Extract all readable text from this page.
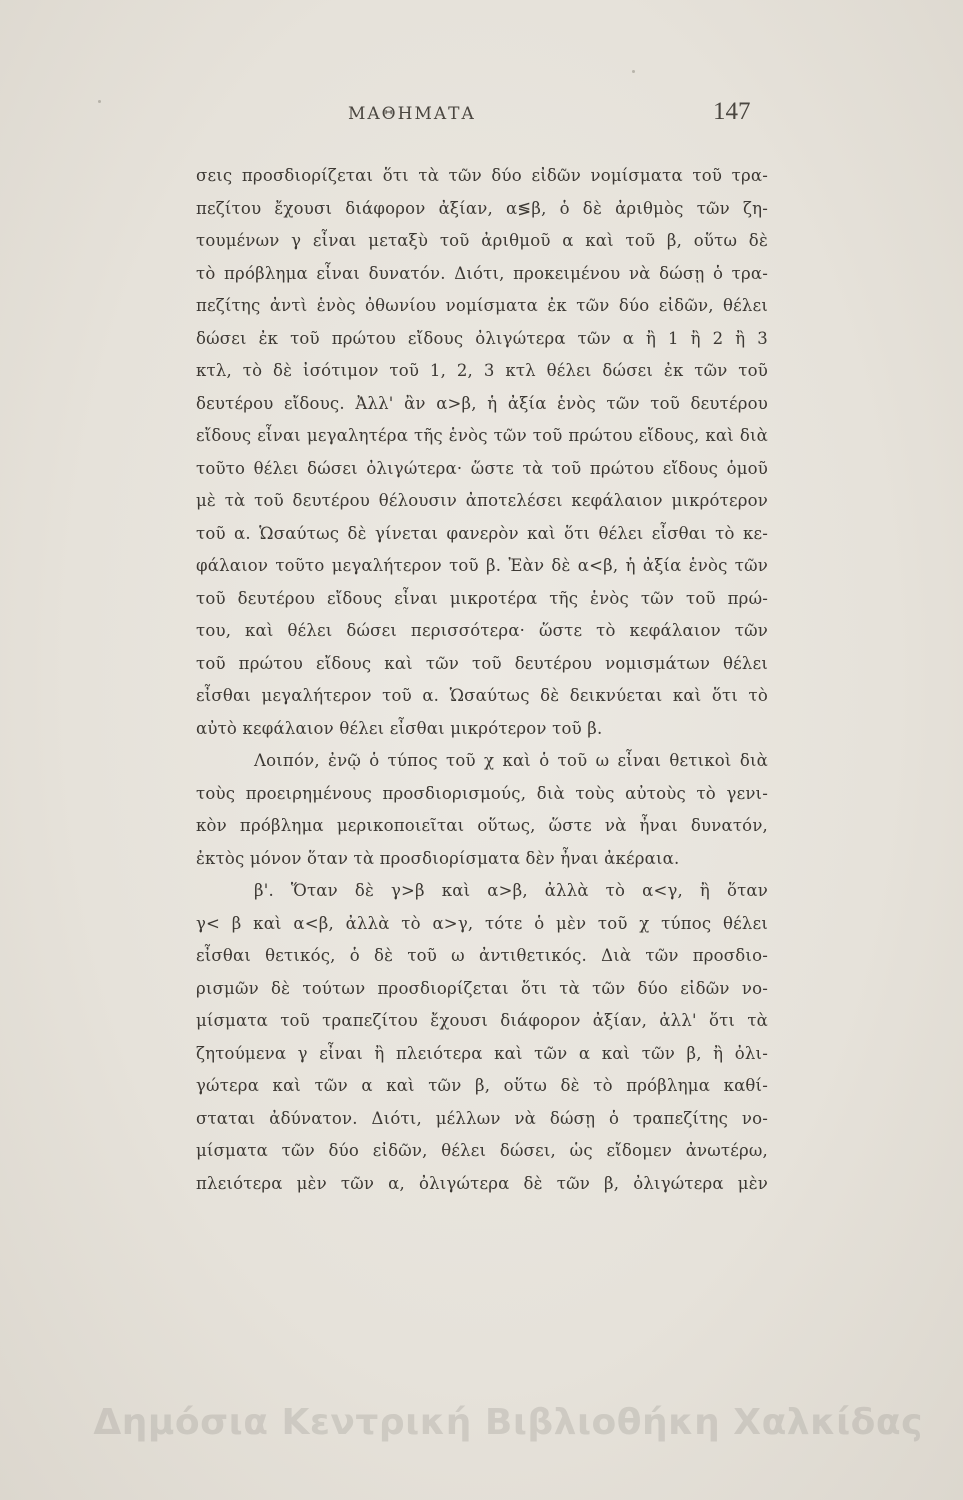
ΜΑΘΗΜΑΤΑ	147
σεις προσδιορίζεται ὅτι τὰ τῶν δύο εἰδῶν νομίσματα τοῦ τρα-
πεζίτου ἔχουσι διάφορον ἀξίαν, α≶β, ὁ δὲ ἀριθμὸς τῶν ζη-
τουμένων γ εἶναι μεταξὺ τοῦ ἀριθμοῦ α καὶ τοῦ β, οὕτω δὲ
τὸ πρόβλημα εἶναι δυνατόν. Διότι, προκειμένου νὰ δώσῃ ὁ τρα-
πεζίτης ἀντὶ ἑνὸς ὀθωνίου νομίσματα ἐκ τῶν δύο εἰδῶν, θέλει
δώσει ἐκ τοῦ πρώτου εἴδους ὀλιγώτερα τῶν α ἢ 1 ἢ 2 ἢ 3
κτλ, τὸ δὲ ἰσότιμον τοῦ 1, 2, 3 κτλ θέλει δώσει ἐκ τῶν τοῦ
δευτέρου εἴδους. Ἀλλ' ἂν α>β, ἡ ἀξία ἑνὸς τῶν τοῦ δευτέρου
εἴδους εἶναι μεγαλητέρα τῆς ἑνὸς τῶν τοῦ πρώτου εἴδους, καὶ διὰ
τοῦτο θέλει δώσει ὀλιγώτερα· ὥστε τὰ τοῦ πρώτου εἴδους ὁμοῦ
μὲ τὰ τοῦ δευτέρου θέλουσιν ἀποτελέσει κεφάλαιον μικρότερον
τοῦ α. Ὡσαύτως δὲ γίνεται φανερὸν καὶ ὅτι θέλει εἶσθαι τὸ κε-
φάλαιον τοῦτο μεγαλήτερον τοῦ β. Ἐὰν δὲ α<β, ἡ ἀξία ἑνὸς τῶν
τοῦ δευτέρου εἴδους εἶναι μικροτέρα τῆς ἑνὸς τῶν τοῦ πρώ-
του, καὶ θέλει δώσει περισσότερα· ὥστε τὸ κεφάλαιον τῶν
τοῦ πρώτου εἴδους καὶ τῶν τοῦ δευτέρου νομισμάτων θέλει
εἶσθαι μεγαλήτερον τοῦ α. Ὡσαύτως δὲ δεικνύεται καὶ ὅτι τὸ
αὐτὸ κεφάλαιον θέλει εἶσθαι μικρότερον τοῦ β.
Λοιπόν, ἐνῷ ὁ τύπος τοῦ χ καὶ ὁ τοῦ ω εἶναι θετικοὶ διὰ
τοὺς προειρημένους προσδιορισμούς, διὰ τοὺς αὐτοὺς τὸ γενι-
κὸν πρόβλημα μερικοποιεῖται οὕτως, ὥστε νὰ ἦναι δυνατόν,
ἐκτὸς μόνον ὅταν τὰ προσδιορίσματα δὲν ἦναι ἀκέραια.
β'. Ὅταν δὲ γ>β καὶ α>β, ἀλλὰ τὸ α<γ, ἢ ὅταν
γ< β καὶ α<β, ἀλλὰ τὸ α>γ, τότε ὁ μὲν τοῦ χ τύπος θέλει
εἶσθαι θετικός, ὁ δὲ τοῦ ω ἀντιθετικός. Διὰ τῶν προσδιο-
ρισμῶν δὲ τούτων προσδιορίζεται ὅτι τὰ τῶν δύο εἰδῶν νο-
μίσματα τοῦ τραπεζίτου ἔχουσι διάφορον ἀξίαν, ἀλλ' ὅτι τὰ
ζητούμενα γ εἶναι ἢ πλειότερα καὶ τῶν α καὶ τῶν β, ἢ ὀλι-
γώτερα καὶ τῶν α καὶ τῶν β, οὕτω δὲ τὸ πρόβλημα καθί-
σταται ἀδύνατον. Διότι, μέλλων νὰ δώσῃ ὁ τραπεζίτης νο-
μίσματα τῶν δύο εἰδῶν, θέλει δώσει, ὡς εἴδομεν ἀνωτέρω,
πλειότερα μὲν τῶν α, ὀλιγώτερα δὲ τῶν β, ὀλιγώτερα μὲν
Δημόσια Κεντρική Βιβλιοθήκη Χαλκίδας
